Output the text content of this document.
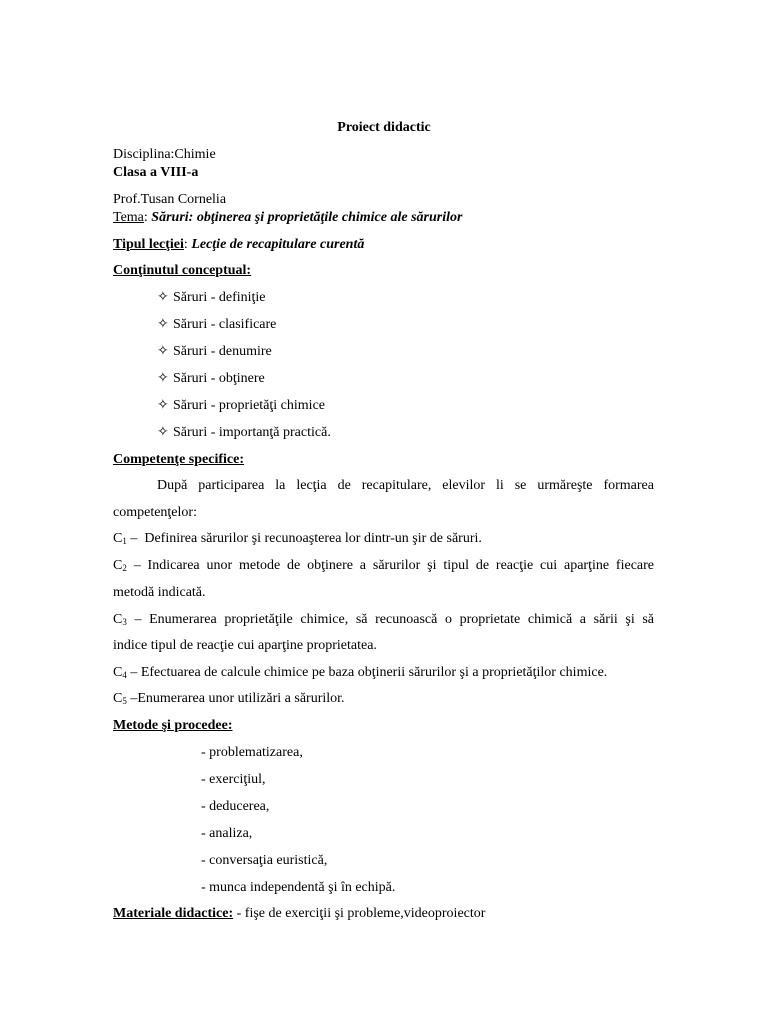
Proiect didactic
Disciplina:Chimie
Clasa a VIII-a
Prof.Tusan Cornelia
Tema: Săruri: obţinerea şi proprietăţile chimice ale sărurilor
Tipul lecţiei: Lecţie de recapitulare curentă
Conţinutul conceptual:
✧ Săruri - definiţie
✧ Săruri - clasificare
✧ Săruri - denumire
✧ Săruri - obţinere
✧ Săruri - proprietăţi chimice
✧ Săruri - importanţă practică.
Competenţe specifice:
După participarea la lecţia de recapitulare, elevilor li se urmăreşte formarea
competenţelor:
$C_1$ –  Definirea sărurilor şi recunoaşterea lor dintr-un şir de săruri.
$C_2$ – Indicarea unor metode de obţinere a sărurilor şi tipul de reacţie cui aparţine fiecare
metodă indicată.
$C_3$ – Enumerarea proprietăţile chimice, să recunoască o proprietate chimică a sării şi să
indice tipul de reacţie cui aparţine proprietatea.
$C_4$ – Efectuarea de calcule chimice pe baza obţinerii sărurilor şi a proprietăţilor chimice.
$C_5$ –Enumerarea unor utilizări a sărurilor.
Metode şi procedee:
- problematizarea,
- exerciţiul,
- deducerea,
- analiza,
- conversaţia euristică,
- munca independentă şi în echipă.
Materiale didactice: - fişe de exerciţii şi probleme,videoproiector
